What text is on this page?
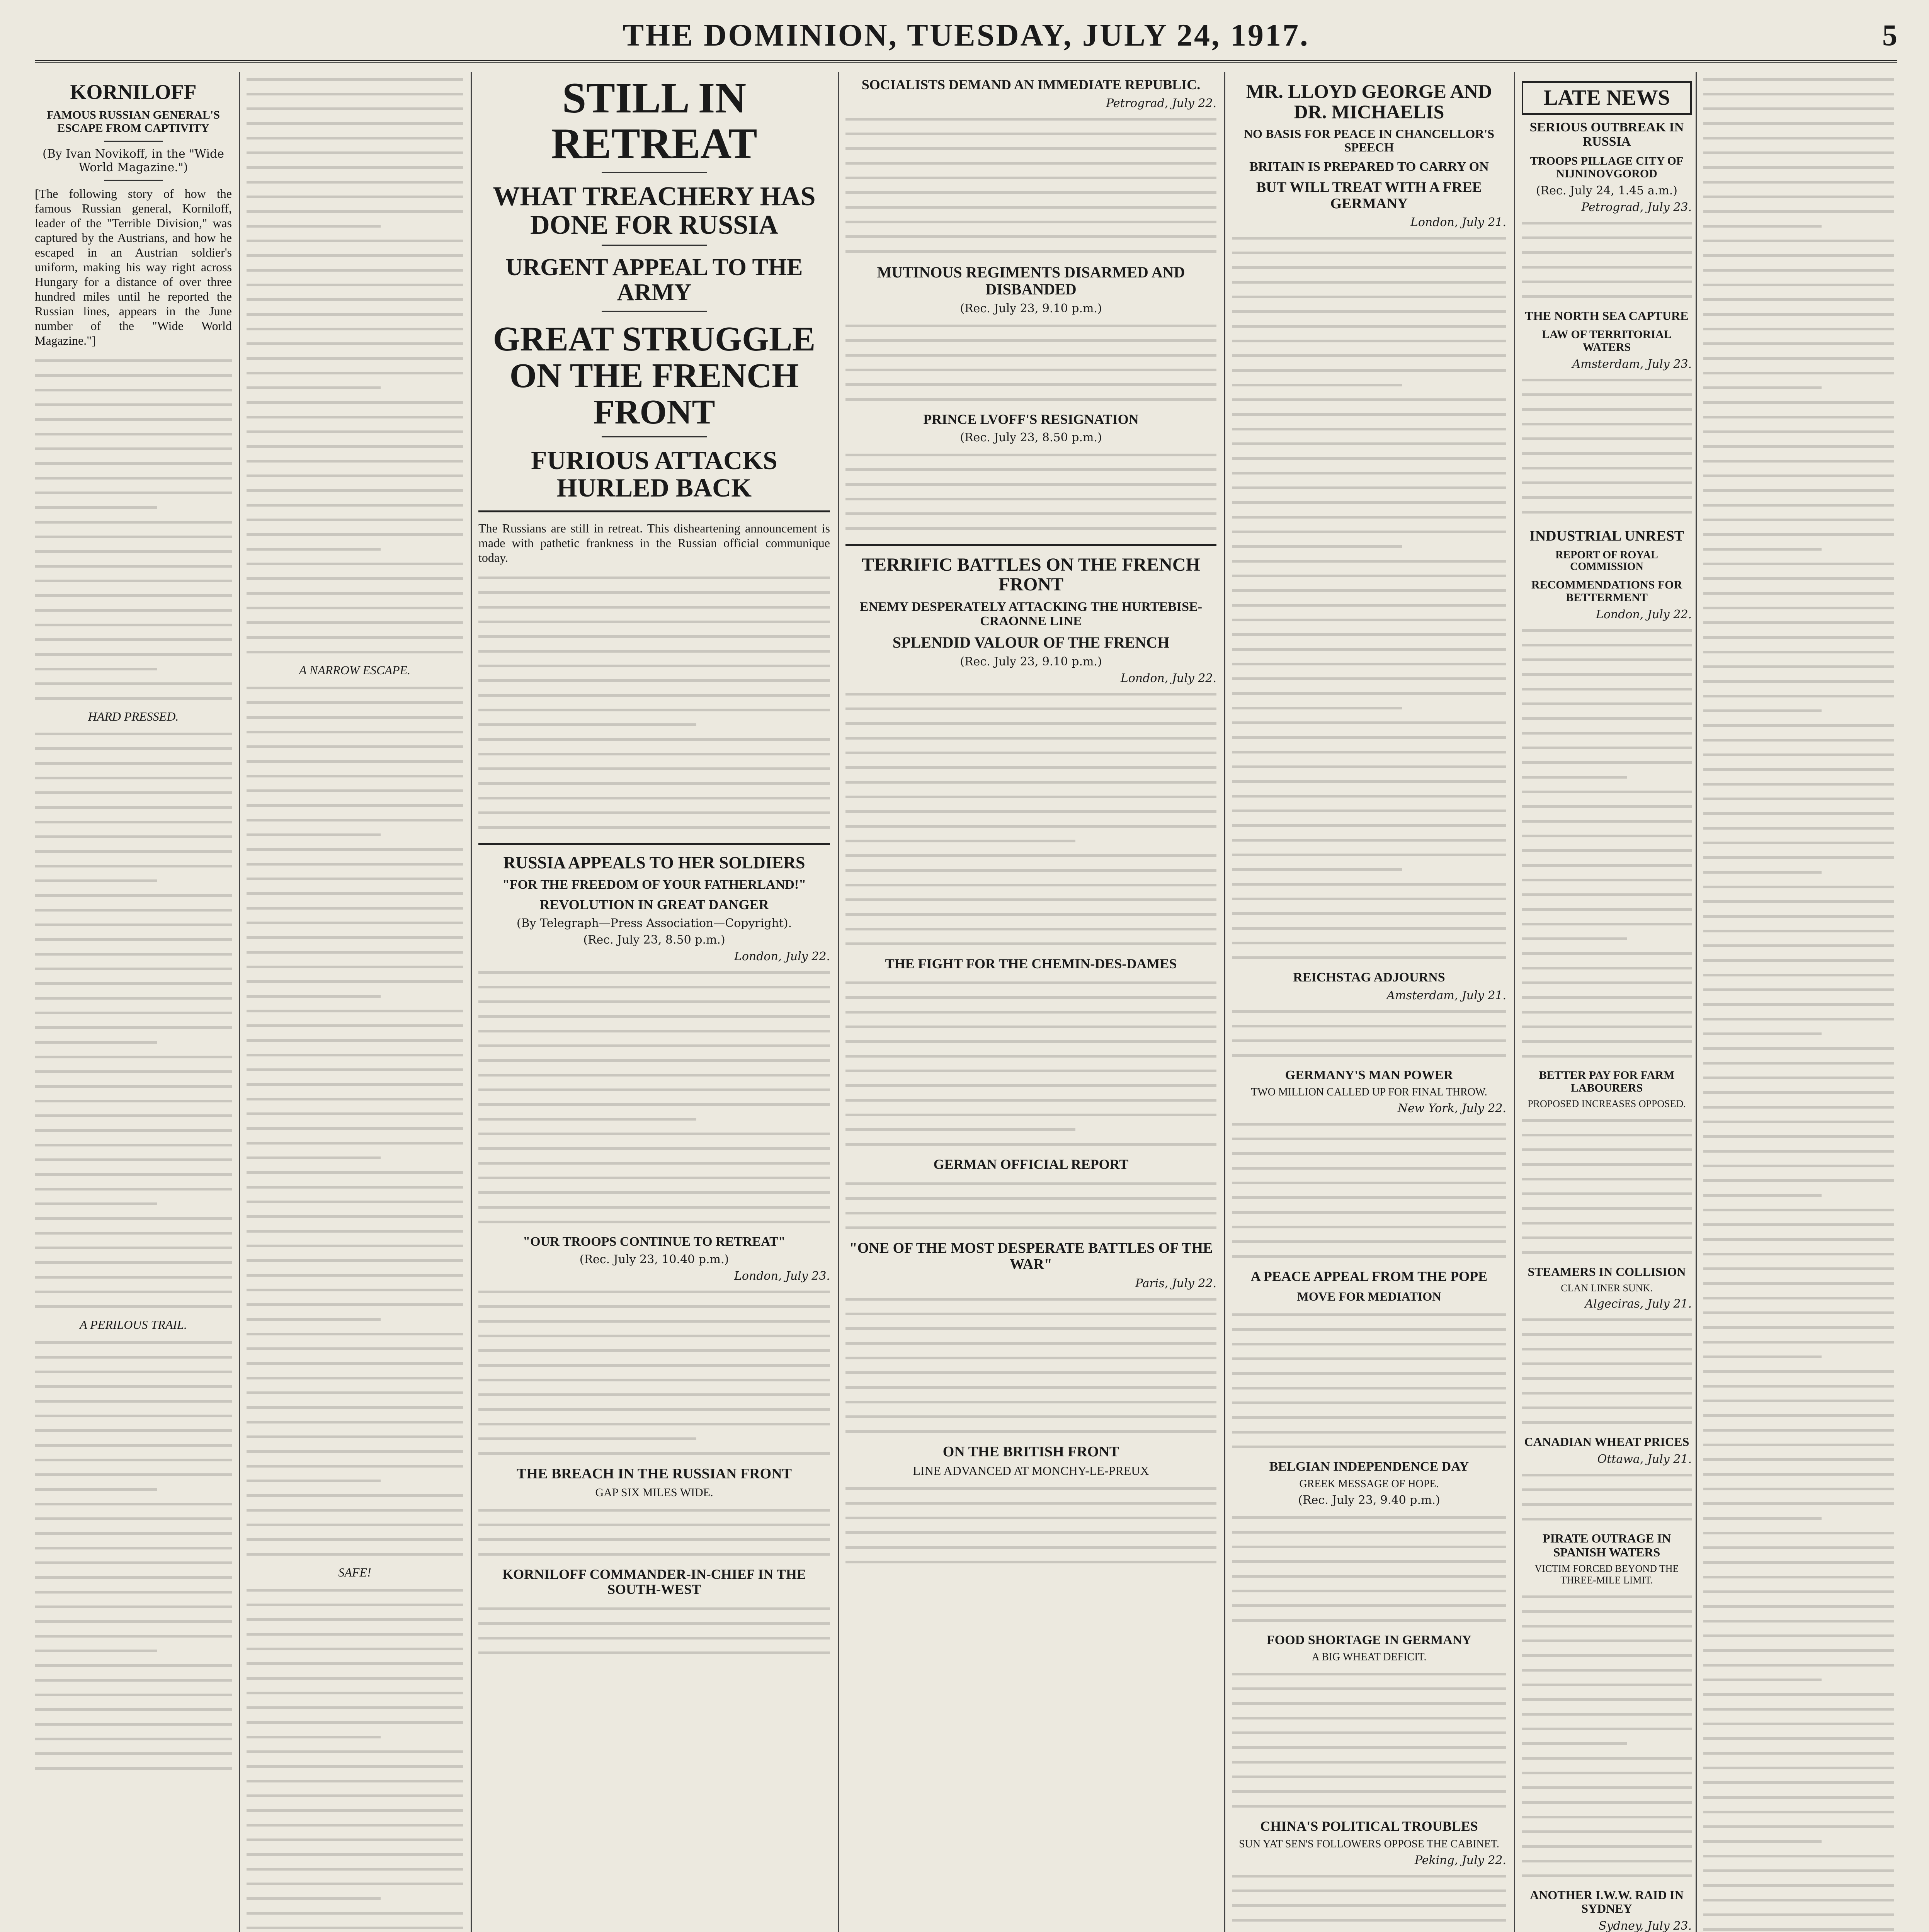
THE DOMINION, TUESDAY, JULY 24, 1917.	5
KORNILOFF
FAMOUS RUSSIAN GENERAL'S ESCAPE FROM CAPTIVITY
(By Ivan Novikoff, in the "Wide World Magazine.")
[The following story of how the famous Russian general, Korniloff, leader of the "Terrible Division," was captured by the Austrians, and how he escaped in an Austrian soldier's uniform, making his way right across Hungary for a distance of over three hundred miles until he reported the Russian lines, appears in the June number of the "Wide World Magazine."]
HARD PRESSED.
A PERILOUS TRAIL.
A NARROW ESCAPE.
SAFE!
STILL IN RETREAT
WHAT TREACHERY HAS DONE FOR RUSSIA
URGENT APPEAL TO THE ARMY
GREAT STRUGGLE ON THE FRENCH FRONT
FURIOUS ATTACKS HURLED BACK
The Russians are still in retreat. This disheartening announcement is made with pathetic frankness in the Russian official communique today.
RUSSIA APPEALS TO HER SOLDIERS
"FOR THE FREEDOM OF YOUR FATHERLAND!"
REVOLUTION IN GREAT DANGER
(By Telegraph—Press Association—Copyright).
(Rec. July 23, 8.50 p.m.)
London, July 22.
"OUR TROOPS CONTINUE TO RETREAT"
(Rec. July 23, 10.40 p.m.)
London, July 23.
THE BREACH IN THE RUSSIAN FRONT
GAP SIX MILES WIDE.
KORNILOFF COMMANDER-IN-CHIEF IN THE SOUTH-WEST
SOCIALISTS DEMAND AN IMMEDIATE REPUBLIC.
Petrograd, July 22.
MUTINOUS REGIMENTS DISARMED AND DISBANDED
(Rec. July 23, 9.10 p.m.)
PRINCE LVOFF'S RESIGNATION
(Rec. July 23, 8.50 p.m.)
TERRIFIC BATTLES ON THE FRENCH FRONT
ENEMY DESPERATELY ATTACKING THE HURTEBISE-CRAONNE LINE
SPLENDID VALOUR OF THE FRENCH
(Rec. July 23, 9.10 p.m.)
London, July 22.
THE FIGHT FOR THE CHEMIN-DES-DAMES
GERMAN OFFICIAL REPORT
"ONE OF THE MOST DESPERATE BATTLES OF THE WAR"
Paris, July 22.
ON THE BRITISH FRONT
LINE ADVANCED AT MONCHY-LE-PREUX
MR. LLOYD GEORGE AND DR. MICHAELIS
NO BASIS FOR PEACE IN CHANCELLOR'S SPEECH
BRITAIN IS PREPARED TO CARRY ON
BUT WILL TREAT WITH A FREE GERMANY
London, July 21.
REICHSTAG ADJOURNS
Amsterdam, July 21.
GERMANY'S MAN POWER
TWO MILLION CALLED UP FOR FINAL THROW.
New York, July 22.
A PEACE APPEAL FROM THE POPE
MOVE FOR MEDIATION
BELGIAN INDEPENDENCE DAY
GREEK MESSAGE OF HOPE.
(Rec. July 23, 9.40 p.m.)
FOOD SHORTAGE IN GERMANY
A BIG WHEAT DEFICIT.
CHINA'S POLITICAL TROUBLES
SUN YAT SEN'S FOLLOWERS OPPOSE THE CABINET.
Peking, July 22.
LATE NEWS
SERIOUS OUTBREAK IN RUSSIA
TROOPS PILLAGE CITY OF NIJNINOVGOROD
(Rec. July 24, 1.45 a.m.)
Petrograd, July 23.
THE NORTH SEA CAPTURE
LAW OF TERRITORIAL WATERS
Amsterdam, July 23.
INDUSTRIAL UNREST
REPORT OF ROYAL COMMISSION
RECOMMENDATIONS FOR BETTERMENT
London, July 22.
BETTER PAY FOR FARM LABOURERS
PROPOSED INCREASES OPPOSED.
STEAMERS IN COLLISION
CLAN LINER SUNK.
Algeciras, July 21.
CANADIAN WHEAT PRICES
Ottawa, July 21.
PIRATE OUTRAGE IN SPANISH WATERS
VICTIM FORCED BEYOND THE THREE-MILE LIMIT.
ANOTHER I.W.W. RAID IN SYDNEY
Sydney, July 23.
